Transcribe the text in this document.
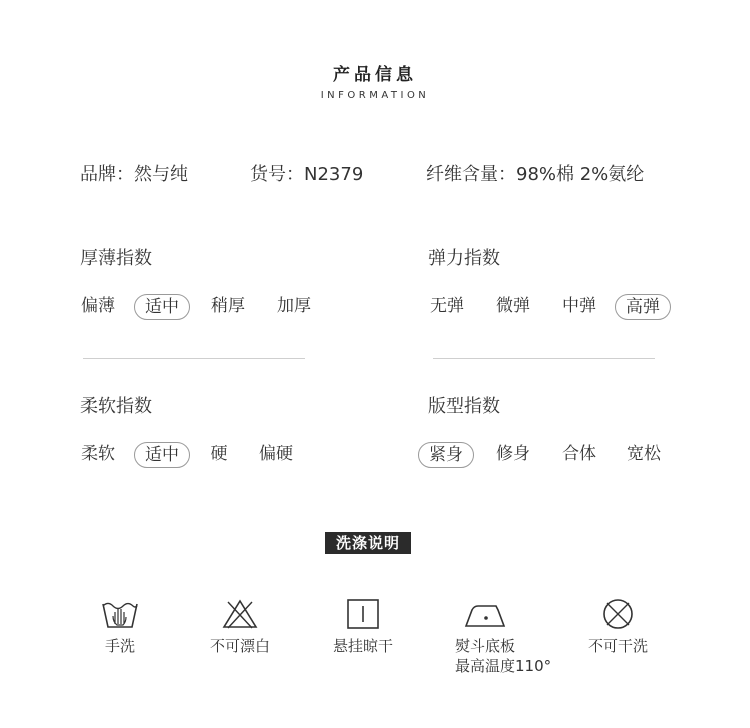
产品信息
INFORMATION
品牌：然与纯	货号：N2379	纤维含量：98%棉 2%氨纶
厚薄指数
偏薄	适中	稍厚 加厚
弹力指数
无弹 微弹 中弹	高弹
柔软指数
柔软	适中	硬 偏硬
版型指数
紧身	修身 合体 宽松
洗涤说明
手洗	不可漂白	悬挂晾干	熨斗底板
最高温度110°
不可干洗
